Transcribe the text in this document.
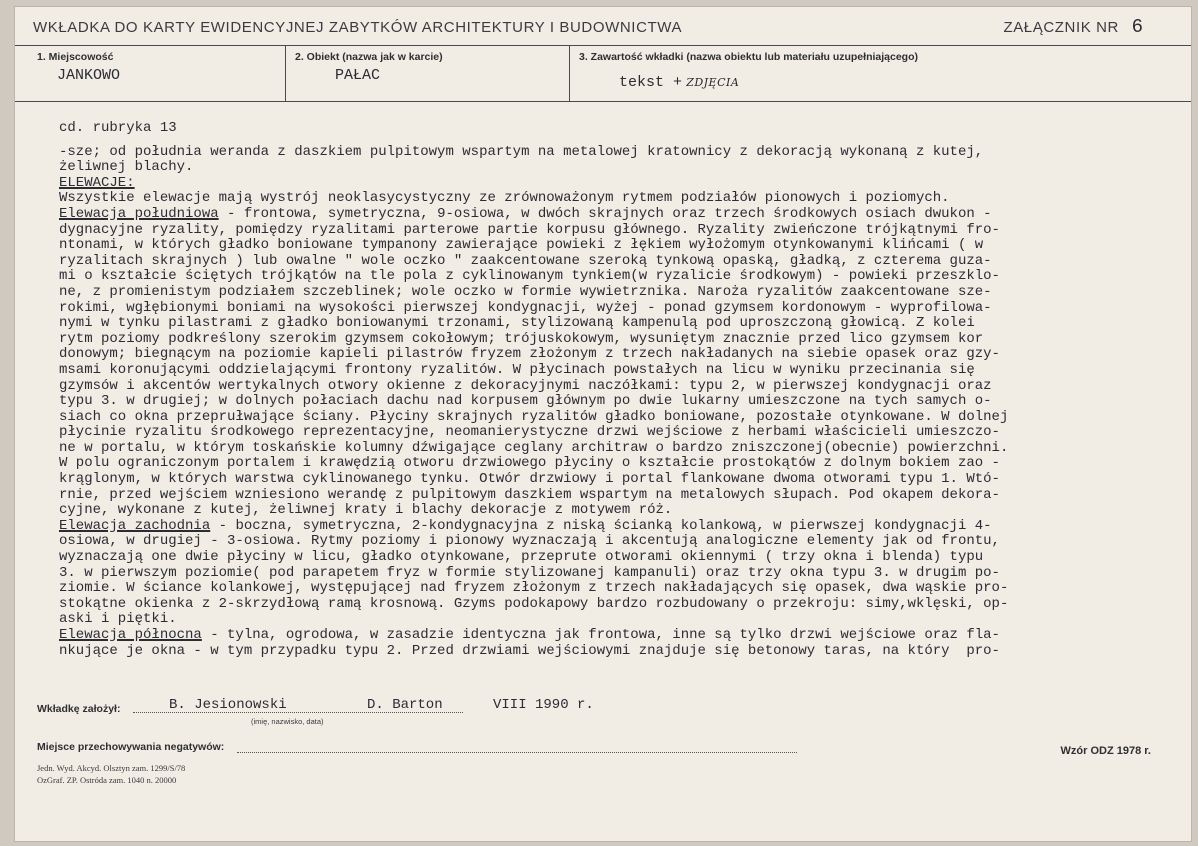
WKŁADKA DO KARTY EWIDENCYJNEJ ZABYTKÓW ARCHITEKTURY I BUDOWNICTWA	ZAŁĄCZNIK NR 6
1. Miejscowość
JANKOWO
2. Obiekt (nazwa jak w karcie)
PAŁAC
3. Zawartość wkładki (nazwa obiektu lub materiału uzupełniającego)
tekst + ZDJĘCIA
cd. rubryka 13
-sze; od południa weranda z daszkiem pulpitowym wspartym na metalowej kratownicy z dekoracją wykonaną z kutej,
żeliwnej blachy.
ELEWACJE:
Wszystkie elewacje mają wystrój neoklasycystyczny ze zrównoważonym rytmem podziałów pionowych i poziomych.
Elewacja południowa - frontowa, symetryczna, 9-osiowa, w dwóch skrajnych oraz trzech środkowych osiach dwukon -
dygnacyjne ryzality, pomiędzy ryzalitami parterowe partie korpusu głównego. Ryzality zwieńczone trójkątnymi fro-
ntonami, w których gładko boniowane tympanony zawierające powieki z łękiem wyłożomym otynkowanymi klińcami ( w
ryzalitach skrajnych ) lub owalne " wole oczko " zaakcentowane szeroką tynkową opaską, gładką, z czterema guza-
mi o kształcie ściętych trójkątów na tle pola z cyklinowanym tynkiem(w ryzalicie środkowym) - powieki przeszklo-
ne, z promienistym podziałem szczeblinek; wole oczko w formie wywietrznika. Naroża ryzalitów zaakcentowane sze-
rokimi, wgłębionymi boniami na wysokości pierwszej kondygnacji, wyżej - ponad gzymsem kordonowym - wyprofilowa-
nymi w tynku pilastrami z gładko boniowanymi trzonami, stylizowaną kampenulą pod uproszczoną głowicą. Z kolei
rytm poziomy podkreślony szerokim gzymsem cokołowym; trójuskokowym, wysuniętym znacznie przed lico gzymsem kor
donowym; biegnącym na poziomie kapieli pilastrów fryzem złożonym z trzech nakładanych na siebie opasek oraz gzy-
msami koronującymi oddzielającymi frontony ryzalitów. W płycinach powstałych na licu w wyniku przecinania się
gzymsów i akcentów wertykalnych otwory okienne z dekoracyjnymi naczółkami: typu 2, w pierwszej kondygnacji oraz
typu 3. w drugiej; w dolnych połaciach dachu nad korpusem głównym po dwie lukarny umieszczone na tych samych o-
siach co okna przeprułwające ściany. Płyciny skrajnych ryzalitów gładko boniowane, pozostałe otynkowane. W dolnej
płycinie ryzalitu środkowego reprezentacyjne, neomanierystyczne drzwi wejściowe z herbami właścicieli umieszczo-
ne w portalu, w którym toskańskie kolumny dźwigające ceglany architraw o bardzo zniszczonej(obecnie) powierzchni.
W polu ograniczonym portalem i krawędzią otworu drzwiowego płyciny o kształcie prostokątów z dolnym bokiem zao -
krąglonym, w których warstwa cyklinowanego tynku. Otwór drzwiowy i portal flankowane dwoma otworami typu 1. Wtó-
rnie, przed wejściem wzniesiono werandę z pulpitowym daszkiem wspartym na metalowych słupach. Pod okapem dekora-
cyjne, wykonane z kutej, żeliwnej kraty i blachy dekoracje z motywem róż.
Elewacja zachodnia - boczna, symetryczna, 2-kondygnacyjna z niską ścianką kolankową, w pierwszej kondygnacji 4-
osiowa, w drugiej - 3-osiowa. Rytmy poziomy i pionowy wyznaczają i akcentują analogiczne elementy jak od frontu,
wyznaczają one dwie płyciny w licu, gładko otynkowane, przeprute otworami okiennymi ( trzy okna i blenda) typu
3. w pierwszym poziomie( pod parapetem fryz w formie stylizowanej kampanuli) oraz trzy okna typu 3. w drugim po-
ziomie. W ściance kolankowej, występującej nad fryzem złożonym z trzech nakładających się opasek, dwa wąskie pro-
stokątne okienka z 2-skrzydłową ramą krosnową. Gzyms podokapowy bardzo rozbudowany o przekroju: simy,wklęski, op-
aski i piętki.
Elewacja północna - tylna, ogrodowa, w zasadzie identyczna jak frontowa, inne są tylko drzwi wejściowe oraz fla-
nkujące je okna - w tym przypadku typu 2. Przed drzwiami wejściowymi znajduje się betonowy taras, na który  pro-
Wkładkę założył:	B. Jesionowski	D. Barton	VIII 1990 r.
(imię, nazwisko, data)
Miejsce przechowywania negatywów:
Jedn. Wyd. Akcyd. Olsztyn zam. 1299/S/78
OzGraf. ZP. Ostróda zam. 1040 n. 20000
Wzór ODZ 1978 r.
